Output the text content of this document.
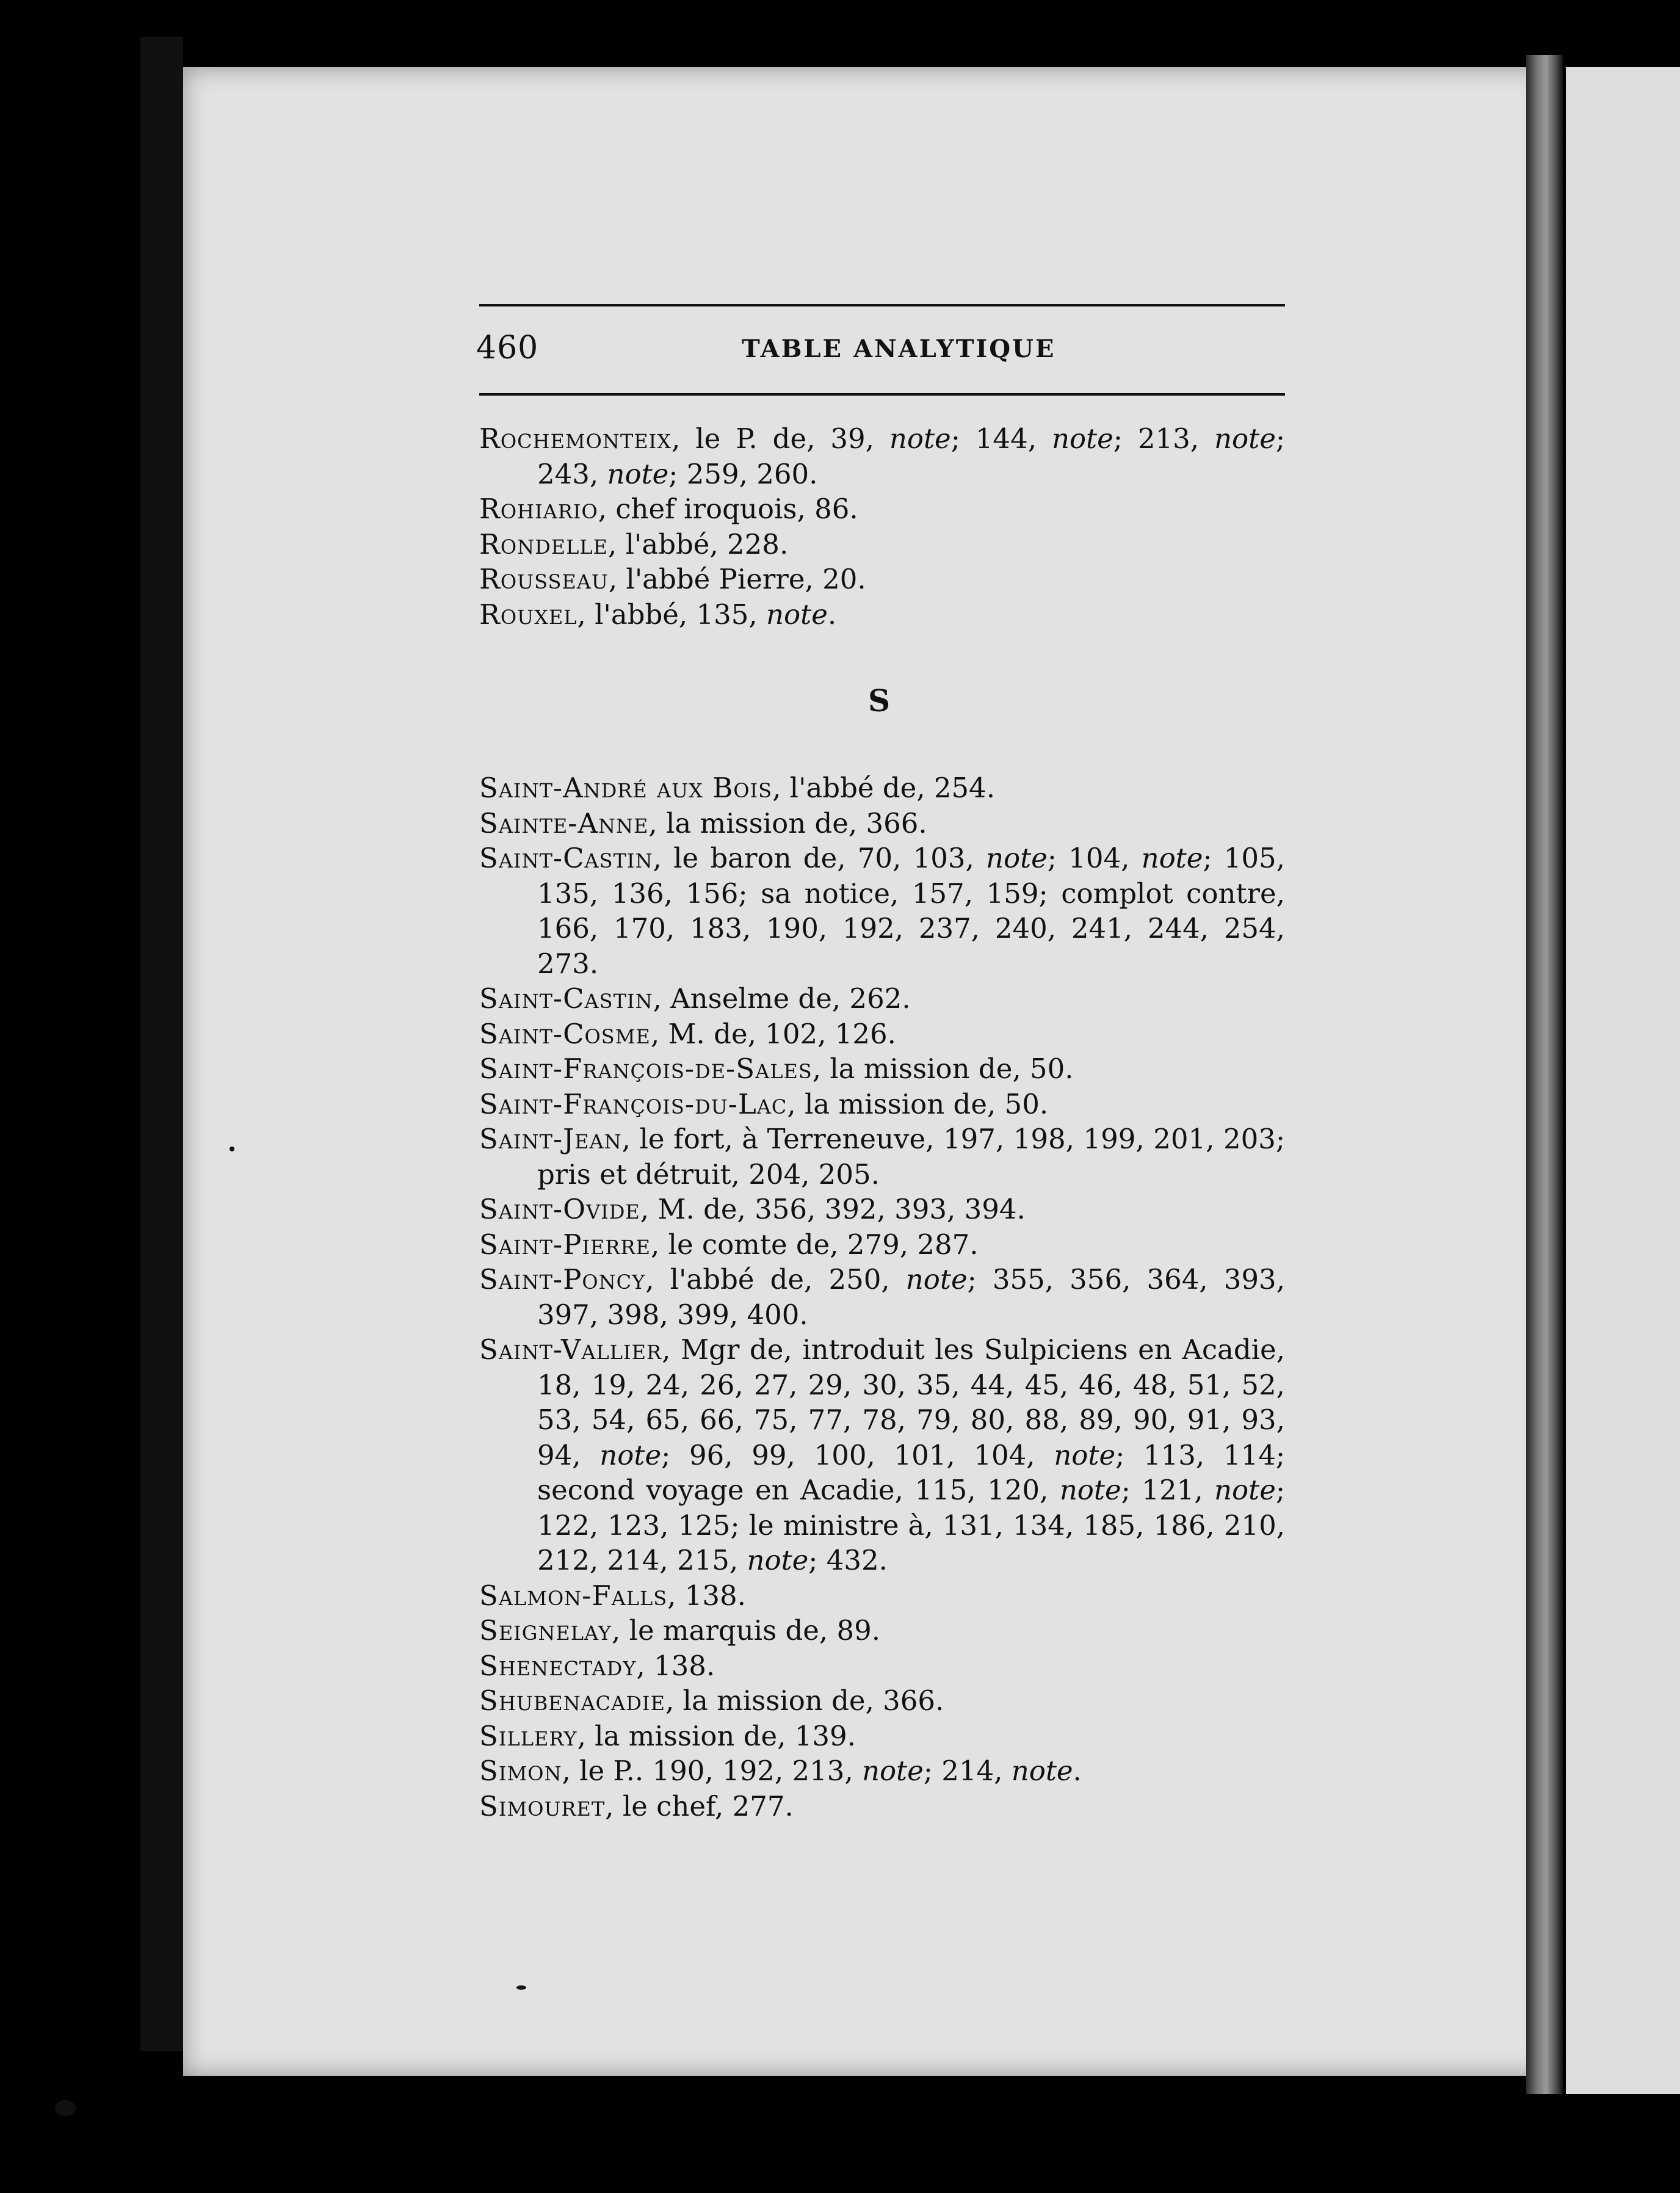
460	TABLE ANALYTIQUE
Rochemonteix, le P. de, 39, note; 144, note; 213, note; 243, note; 259, 260.
Rohiario, chef iroquois, 86.
Rondelle, l'abbé, 228.
Rousseau, l'abbé Pierre, 20.
Rouxel, l'abbé, 135, note.
S
Saint-André aux Bois, l'abbé de, 254.
Sainte-Anne, la mission de, 366.
Saint-Castin, le baron de, 70, 103, note; 104, note; 105, 135, 136, 156; sa notice, 157, 159; complot contre, 166, 170, 183, 190, 192, 237, 240, 241, 244, 254, 273.
Saint-Castin, Anselme de, 262.
Saint-Cosme, M. de, 102, 126.
Saint-François-de-Sales, la mission de, 50.
Saint-François-du-Lac, la mission de, 50.
Saint-Jean, le fort, à Terreneuve, 197, 198, 199, 201, 203; pris et détruit, 204, 205.
Saint-Ovide, M. de, 356, 392, 393, 394.
Saint-Pierre, le comte de, 279, 287.
Saint-Poncy, l'abbé de, 250, note; 355, 356, 364, 393, 397, 398, 399, 400.
Saint-Vallier, Mgr de, introduit les Sulpiciens en Acadie, 18, 19, 24, 26, 27, 29, 30, 35, 44, 45, 46, 48, 51, 52, 53, 54, 65, 66, 75, 77, 78, 79, 80, 88, 89, 90, 91, 93, 94, note; 96, 99, 100, 101, 104, note; 113, 114; second voyage en Acadie, 115, 120, note; 121, note; 122, 123, 125; le ministre à, 131, 134, 185, 186, 210, 212, 214, 215, note; 432.
Salmon-Falls, 138.
Seignelay, le marquis de, 89.
Shenectady, 138.
Shubenacadie, la mission de, 366.
Sillery, la mission de, 139.
Simon, le P.. 190, 192, 213, note; 214, note.
Simouret, le chef, 277.
